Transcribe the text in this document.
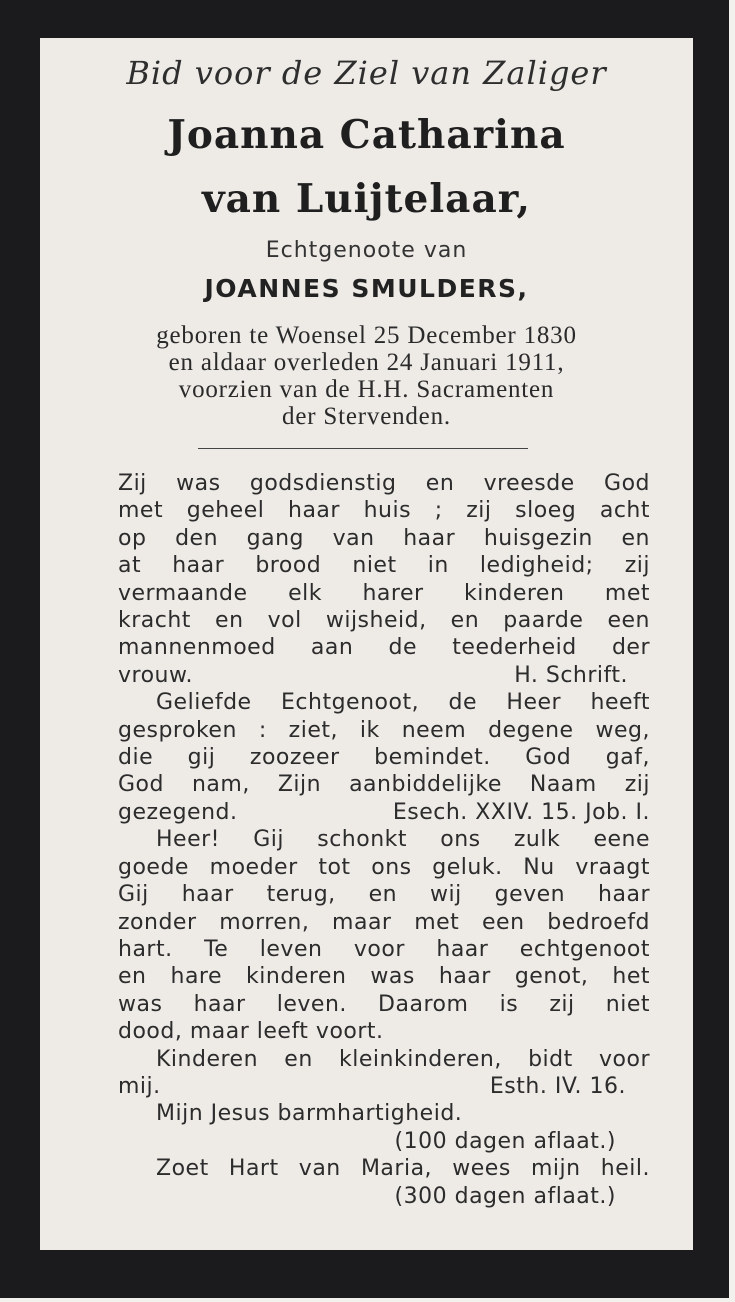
Bid voor de Ziel van Zaliger
Joanna Catharina
van Luijtelaar,
Echtgenoote van
JOANNES SMULDERS,
geboren te Woensel 25 December 1830
en aldaar overleden 24 Januari 1911,
voorzien van de H.H. Sacramenten
der Stervenden.
Zij was godsdienstig en vreesde God
met geheel haar huis ; zij sloeg acht
op den gang van haar huisgezin en
at haar brood niet in ledigheid; zij
vermaande elk harer kinderen met
kracht en vol wijsheid, en paarde een
mannenmoed aan de teederheid der
vrouw.	H. Schrift.
Geliefde Echtgenoot, de Heer heeft
gesproken : ziet, ik neem degene weg,
die gij zoozeer bemindet. God gaf,
God nam, Zijn aanbiddelijke Naam zij
gezegend.	Esech. XXIV. 15. Job. I.
Heer! Gij schonkt ons zulk eene
goede moeder tot ons geluk. Nu vraagt
Gij haar terug, en wij geven haar
zonder morren, maar met een bedroefd
hart. Te leven voor haar echtgenoot
en hare kinderen was haar genot, het
was haar leven. Daarom is zij niet
dood, maar leeft voort.
Kinderen en kleinkinderen, bidt voor
mij.	Esth. IV. 16.
Mijn Jesus barmhartigheid.
(100 dagen aflaat.)
Zoet Hart van Maria, wees mijn heil.
(300 dagen aflaat.)
